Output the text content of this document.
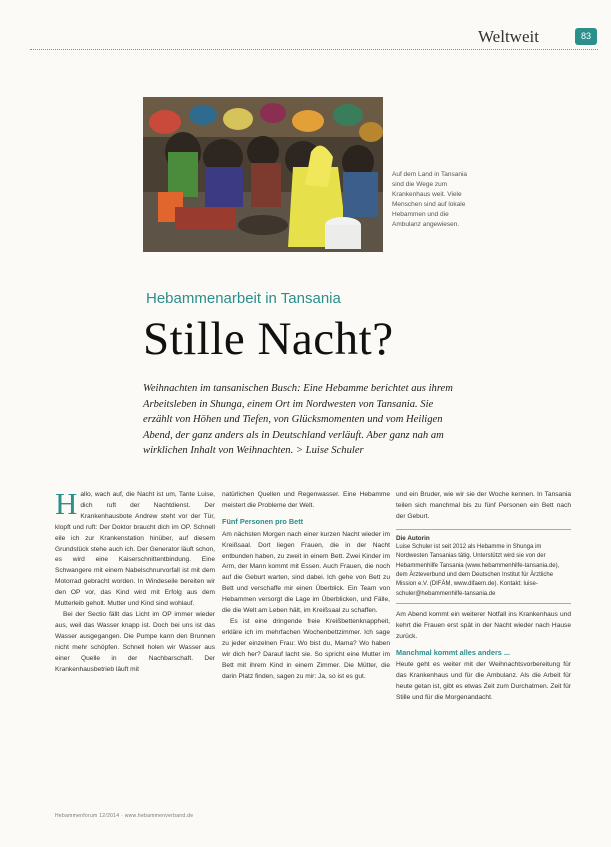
Weltweit	83
Auf dem Land in Tansania sind die Wege zum Krankenhaus weit. Viele Menschen sind auf lokale Hebammen und die Ambulanz angewiesen.
Hebammenarbeit in Tansania
Stille Nacht?
Weihnachten im tansanischen Busch: Eine Hebamme berichtet aus ihrem Arbeitsleben in Shunga, einem Ort im Nordwesten von Tansania. Sie erzählt von Höhen und Tiefen, von Glücksmomenten und vom Heiligen Abend, der ganz anders als in Deutschland verläuft. Aber ganz nah am wirklichen Inhalt von Weihnachten. > Luise Schuler
H allo, wach auf, die Nacht ist um, Tante Luise, dich ruft der Nachtdienst. Der Krankenhausbote Andrew steht vor der Tür, klopft und ruft: Der Doktor braucht dich im OP. Schnell eile ich zur Krankenstation hinüber, auf diesem Grundstück stehe auch ich. Der Generator läuft schon, es wird eine Kaiserschnittentbindung. Eine Schwangere mit einem Nabelschnurvorfall ist mit dem Motorrad gebracht worden. In Windeseile bereiten wir den OP vor, das Kind wird mit Erfolg aus dem Mutterleib geholt. Mutter und Kind sind wohlauf.

Bei der Sectio fällt das Licht im OP immer wieder aus, weil das Wasser knapp ist. Doch bei uns ist das Wasser ausgegangen. Die Pumpe kann den Brunnen nicht mehr schöpfen. Schnell holen wir Wasser aus einer Quelle in der Nachbarschaft. Der Krankenhausbetrieb läuft mit

natürlichen Quellen und Regenwasser. Eine Hebamme meistert die Probleme der Welt.

Fünf Personen pro Bett

Am nächsten Morgen nach einer kurzen Nacht wieder im Kreißsaal. Dort liegen Frauen, die in der Nacht entbunden haben, zu zweit in einem Bett. Zwei Kinder im Arm, der Mann kommt mit Essen. Auch Frauen, die noch auf die Geburt warten, sind dabei. Ich gehe von Bett zu Bett und verschaffe mir einen Überblick. Ein Team von Hebammen versorgt die Lage im Überblicken, und Fälle, die die Welt am Leben hält, im Kreißsaal zu schaffen.

Es ist eine dringende freie Kreißbettenknappheit, erkläre ich im mehrfachen Wochenbettzimmer. Ich sage zu jeder einzelnen Frau: Wo bist du, Mama? Wo haben wir dich her? Darauf lacht sie. So spricht eine Mutter im Bett mit ihrem Kind in einem Zimmer. Die Mütter, die darin Platz finden, sagen zu mir: Ja, so ist es gut.

und ein Bruder, wie wir sie der Woche kennen. In Tansania teilen sich manchmal bis zu fünf Personen ein Bett nach der Geburt.

Die Autorin
Luise Schuler ist seit 2012 als Hebamme in Shunga im Nordwesten Tansanias tätig. Unterstützt wird sie von der Hebammenhilfe Tansania (www.hebammenhilfe-tansania.de), dem Ärzteverbund und dem Deutschen Institut für Ärztliche Mission e.V. (DIFÄM, www.difaem.de). Kontakt: luise-schuler@hebammenhilfe-tansania.de

Am Abend kommt ein weiterer Notfall ins Krankenhaus und kehrt die Frauen erst spät in der Nacht wieder nach Hause zurück.

Manchmal kommt alles anders ...

Heute geht es weiter mit der Weihnachtsvorbereitung für das Krankenhaus und für die Ambulanz. Als die Arbeit für heute getan ist, gibt es etwas Zeit zum Durchatmen. Zeit für Stille und für die Morgenandacht.

Hebammenforum 12/2014 · www.hebammenverband.de
